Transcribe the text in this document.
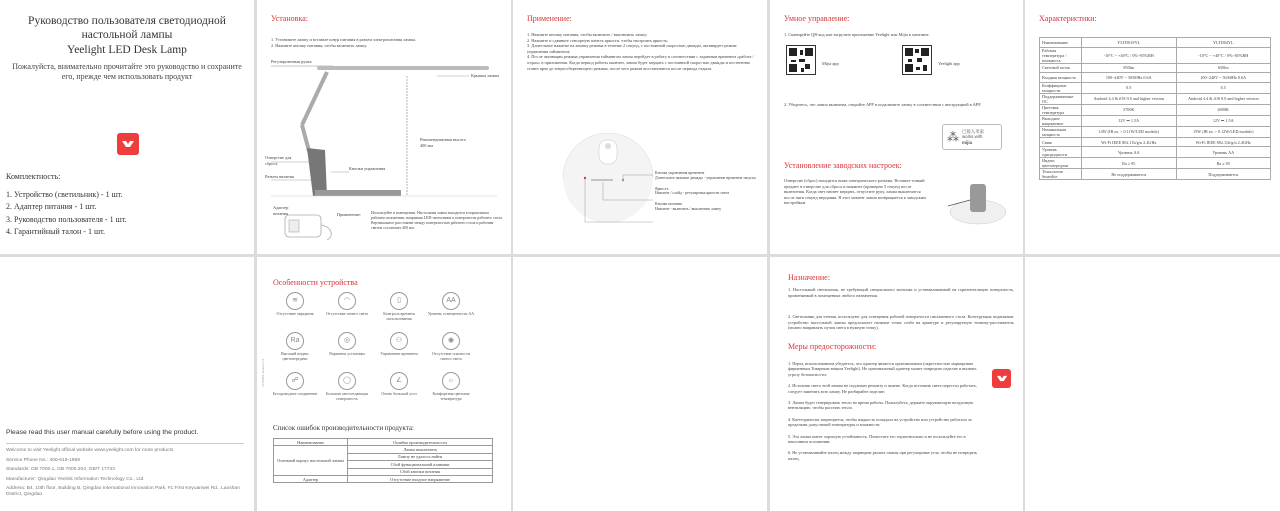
Руководство пользователя светодиодной настольной лампы
Yeelight LED Desk Lamp
Пожалуйста, внимательно прочитайте это руководство и сохраните его, прежде чем использовать продукт
Комплектность:
1. Устройство (светильник) - 1 шт.
2. Адаптер питания - 1 шт.
3. Руководство пользователя - 1 шт.
4. Гарантийный талон - 1 шт.
Установка:
1. Установите лампу и вставьте шнур питания в разъем электропитания лампы.
2. Нажмите кнопку питания, чтобы включить лампу.
Регулировочная ручка
Крышка лампы
Рекомендованная высота 400 мм
Отверстие для сброса
Разъем питания
Кнопки управления
Адаптер питания	Применение:	Используйте в помещении. Настольная лампа находится в нормальном рабочем положении, направляя LED-светильник к поверхности рабочего стола. Вертикальное расстояние между поверхностью рабочего стола и рабочим светом составляет 400 мм.
Применение:
1. Нажмите кнопку питания, чтобы включить / выключить лампу;
2. Нажмите и сдвиньте сенсорную панель яркости, чтобы настроить яркость;
3. Длительное нажатие на кнопку режима в течение 2 секунд, с постоянной скоростью дважды, активирует режим управления таймингом;
4. После активации режима управления таймингом лампа перейдет в работу в соответствии с заданным временем «работа / отдых» в приложении. Когда период работы окончен, лампа будет мерцать с постоянной скоростью дважды и постепенно станет ярче до энергосберегающего режима, после чего режим восстановится после периода отдыха.
Кнопка управления временем
Длительное нажатие дважды - управление временем запуска
Яркость
Нажатие / слайд - регулировка яркости света
Кнопка питания
Нажатие - включить / выключить лампу
Умное управление:
1. Сканируйте QR-код или загрузите приложение Yeelight или Mijia в магазине.
Mijia app	Yeelight app
2. Убедитесь, что лампа включена, откройте APP и подключите лампу в соответствии с инструкцией в APP.
⁂ 已接入米家
works with
mijia
Установление заводских настроек:
Отверстие (сброс) находится ниже электрического разъема. Вставьте тонкий предмет в отверстие для сброса и нажмите (примерно 5 секунд после включения. Когда свет начнет мерцать, отпустите руку, лампа выключится после пяти секунд мерцания. В этот момент лампа возвращается к заводским настройкам
Характеристики:
Наименование	YLTD01SYL	YLTD04YL
Рабочая температура / влажность	-10°C ~ +40°C / 0%~85%RH	-10°C ~ +40°C / 0%~85%RH
Световой поток	850lm	650lm
Входная мощность	100~240V ~ 50/60Hz 0.6A	100~240V ~ 50/60Hz 0.6A
Коэффициент мощности	0.5	0.5
Поддерживаемые ОС	Android 4.4 & iOS 9.0 and higher version	Android 4.4 & iOS 9.0 and higher version
Цветовая температура	3700K	4000K
Выходное напряжение	12V ⎓ 1.5A	12V ⎓ 1.5A
Номинальная мощность	14W (IB ea. > 0.11W/LED module)	15W (IB ea. > 0.12W/LED module)
Связь	Wi-Fi IEEE 802.11b/g/n 2.4GHz	Wi-Fi IEEE 802.11b/g/n 2.4GHz
Уровень однородности	Уровень AA	Уровень AA
Индекс цветопередачи	Ra ≥ 95	Ra ≥ 95
Технология Smartlite	Не поддерживается	Поддерживается
Please read this user manual carefully before using the product.
Welcome to visit Yeelight official website www.yeelight.com for more products
Service Phone No.: 400-619-1969
Standards: GB 7000.1, GB 7000.204, GB/T 17743
Manufacturer: Qingdao Yeelink Information Technology Co., Ltd.
Address: B4, 10th floor, Building B, Qingdao International Innovation Park, #1 First Keyuanwei Rd., Laoshan District, Qingdao
YLTD001 Version 1.5
Особенности устройства
≋
Отсутствие мерцания
◠
Отсутствие синего света
▯
Контроль времени использования
AA
Уровень освещенности АА
Ra
Высокий индекс цветопередачи
◎
Варианты установки
⚇
Управление временем
◉
Отсутствие опасности синего света
☍
Беспроводное соединение
◯
Большая светоотдающая поверхность
∠
Очень большой угол
☼
Комфортная цветовая температура
Список ошибок производительности продукта:
Наименование	Ошибка производительности
Основной корпус настольной лампы	Лампа выключена
	Лампу не удалось найти
	Сбой функциональной клавиши
	Сбой кнопки питания
Адаптер	Отсутствие входное напряжение
Назначение:
1. Настольный светильник, не требующий специального монтажа и устанавливаемый на горизонтальную поверхность, применяемый в помещениях любого назначения.
2. Светильник для чтения, используют для освещения рабочей поверхности письменного стола. Конструкция подвижная: устройство настольной лампы предполагает наличие точек сгиба на арматуре и регулируемую технику-рассеиватель (можно направлять пучок света в нужную точку).
Меры предосторожности:
1. Перед использованием убедитесь, что адаптер является оригинальным (окрестностью маркирован фирменным Товарным знаком Yeelight). Не оригинальный адаптер может повредить изделие и вызвать угрозу безопасности;
2. Источник света этой лампы не подлежит ремонту и замене. Когда источник света перестал работать, следует заменить всю лампу. Не разбирайте изделие;
3. Лампа будет генерировать тепло во время работы. Пожалуйста, держите окружающую воздушную вентиляцию, чтобы рассеять тепло.
4. Категорически запрещается, чтобы жидкость попадала на устройство или устройство работало за пределами допустимой температуры и влажности.
5. Эта лампа имеет хорошую устойчивость. Поместите его горизонтально и не используйте его в наклонном положении;
6. Не устанавливайте палец между шарниром рычага лампы при регулировке угла, чтобы не повредить палец.
